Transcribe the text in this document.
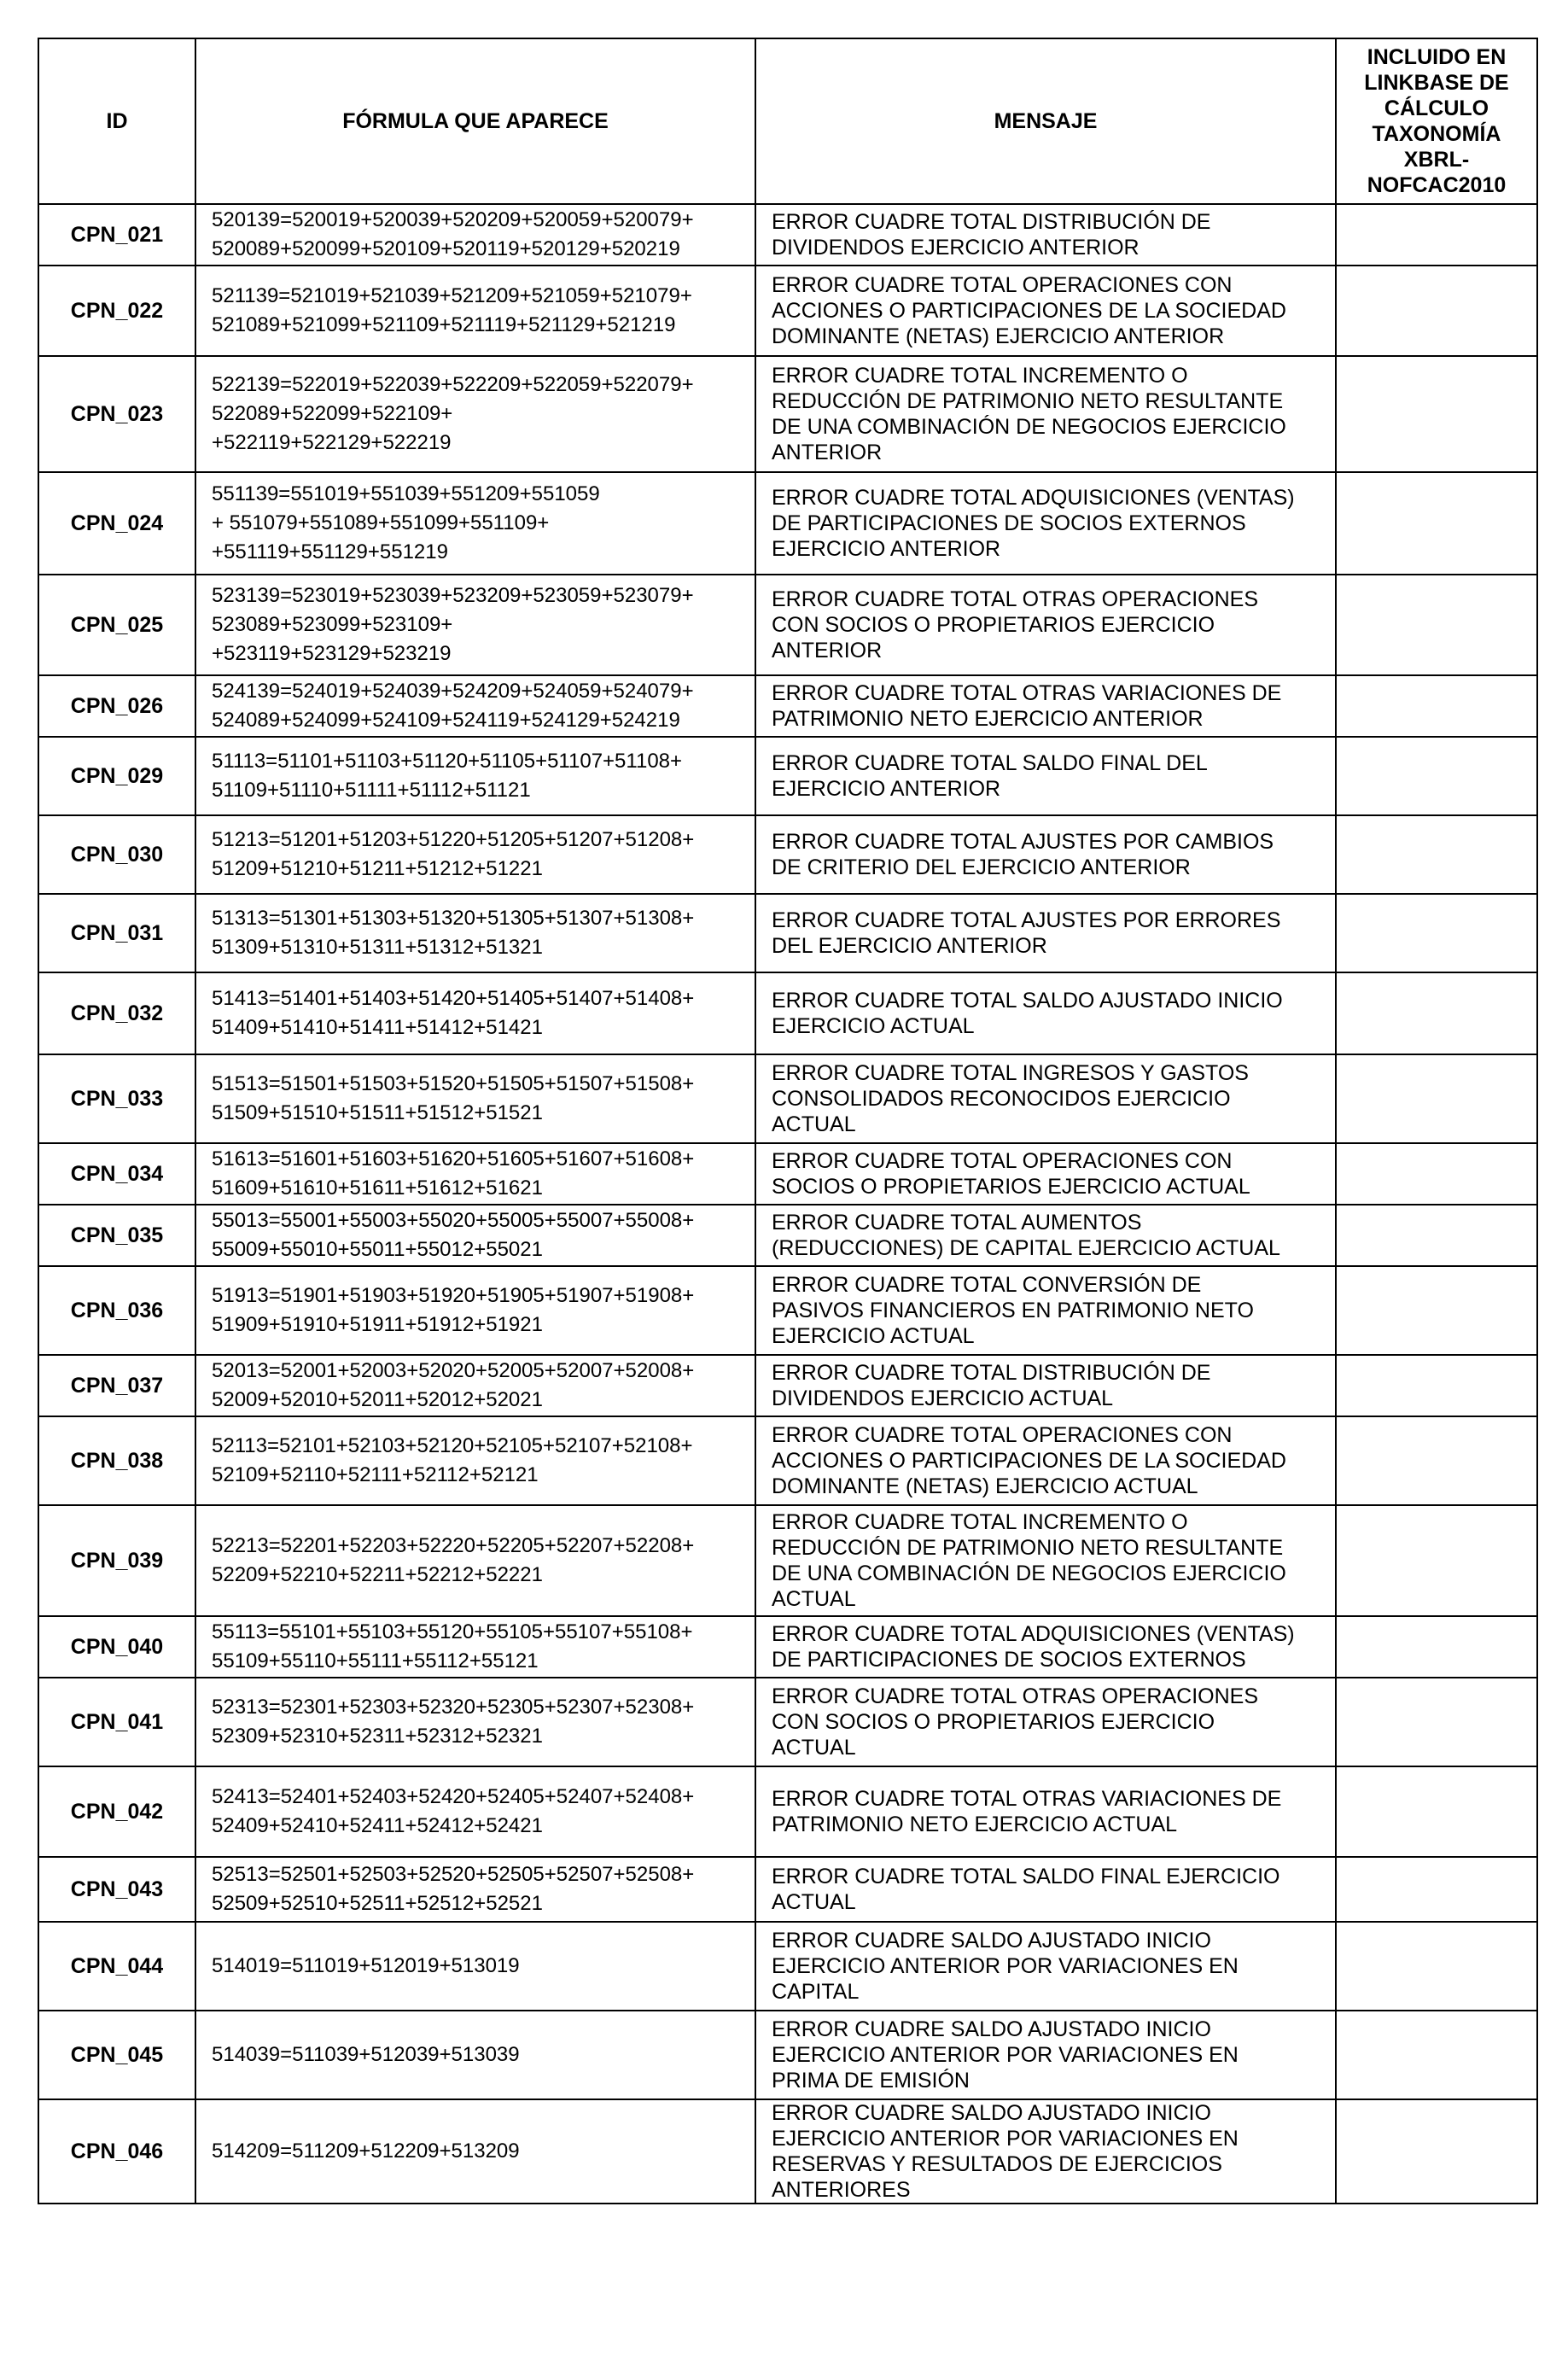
ID	FÓRMULA QUE APARECE	MENSAJE	INCLUIDO EN LINKBASE DE CÁLCULO TAXONOMÍA XBRL-NOFCAC2010
CPN_021	520139=520019+520039+520209+520059+520079+
520089+520099+520109+520119+520129+520219	ERROR CUADRE TOTAL DISTRIBUCIÓN DE
DIVIDENDOS EJERCICIO ANTERIOR	

CPN_022	521139=521019+521039+521209+521059+521079+
521089+521099+521109+521119+521129+521219	ERROR CUADRE TOTAL OPERACIONES CON
ACCIONES O PARTICIPACIONES DE LA SOCIEDAD
DOMINANTE (NETAS) EJERCICIO ANTERIOR	

CPN_023	522139=522019+522039+522209+522059+522079+
522089+522099+522109+
+522119+522129+522219	ERROR CUADRE TOTAL INCREMENTO O
REDUCCIÓN DE PATRIMONIO NETO RESULTANTE
DE UNA COMBINACIÓN DE NEGOCIOS EJERCICIO
ANTERIOR	

CPN_024	551139=551019+551039+551209+551059
+ 551079+551089+551099+551109+
+551119+551129+551219	ERROR CUADRE TOTAL ADQUISICIONES (VENTAS)
DE PARTICIPACIONES DE SOCIOS EXTERNOS
EJERCICIO ANTERIOR	

CPN_025	523139=523019+523039+523209+523059+523079+
523089+523099+523109+
+523119+523129+523219	ERROR CUADRE TOTAL OTRAS OPERACIONES
CON SOCIOS O PROPIETARIOS EJERCICIO
ANTERIOR	

CPN_026	524139=524019+524039+524209+524059+524079+
524089+524099+524109+524119+524129+524219	ERROR CUADRE TOTAL OTRAS VARIACIONES DE
PATRIMONIO NETO EJERCICIO ANTERIOR	

CPN_029	51113=51101+51103+51120+51105+51107+51108+
51109+51110+51111+51112+51121	ERROR CUADRE TOTAL SALDO FINAL DEL
EJERCICIO ANTERIOR	

CPN_030	51213=51201+51203+51220+51205+51207+51208+
51209+51210+51211+51212+51221	ERROR CUADRE TOTAL AJUSTES POR CAMBIOS
DE CRITERIO DEL EJERCICIO ANTERIOR	

CPN_031	51313=51301+51303+51320+51305+51307+51308+
51309+51310+51311+51312+51321	ERROR CUADRE TOTAL AJUSTES POR ERRORES
DEL EJERCICIO ANTERIOR	

CPN_032	51413=51401+51403+51420+51405+51407+51408+
51409+51410+51411+51412+51421	ERROR CUADRE TOTAL SALDO AJUSTADO INICIO
EJERCICIO ACTUAL	

CPN_033	51513=51501+51503+51520+51505+51507+51508+
51509+51510+51511+51512+51521	ERROR CUADRE TOTAL INGRESOS Y GASTOS
CONSOLIDADOS RECONOCIDOS EJERCICIO
ACTUAL	

CPN_034	51613=51601+51603+51620+51605+51607+51608+
51609+51610+51611+51612+51621	ERROR CUADRE TOTAL OPERACIONES CON
SOCIOS O PROPIETARIOS EJERCICIO ACTUAL	

CPN_035	55013=55001+55003+55020+55005+55007+55008+
55009+55010+55011+55012+55021	ERROR CUADRE TOTAL AUMENTOS
(REDUCCIONES) DE CAPITAL EJERCICIO ACTUAL	

CPN_036	51913=51901+51903+51920+51905+51907+51908+
51909+51910+51911+51912+51921	ERROR CUADRE TOTAL CONVERSIÓN DE
PASIVOS FINANCIEROS EN PATRIMONIO NETO
EJERCICIO ACTUAL	

CPN_037	52013=52001+52003+52020+52005+52007+52008+
52009+52010+52011+52012+52021	ERROR CUADRE TOTAL DISTRIBUCIÓN DE
DIVIDENDOS EJERCICIO ACTUAL	

CPN_038	52113=52101+52103+52120+52105+52107+52108+
52109+52110+52111+52112+52121	ERROR CUADRE TOTAL OPERACIONES CON
ACCIONES O PARTICIPACIONES DE LA SOCIEDAD
DOMINANTE (NETAS) EJERCICIO ACTUAL	

CPN_039	52213=52201+52203+52220+52205+52207+52208+
52209+52210+52211+52212+52221	ERROR CUADRE TOTAL INCREMENTO O
REDUCCIÓN DE PATRIMONIO NETO RESULTANTE
DE UNA COMBINACIÓN DE NEGOCIOS EJERCICIO
ACTUAL	

CPN_040	55113=55101+55103+55120+55105+55107+55108+
55109+55110+55111+55112+55121	ERROR CUADRE TOTAL ADQUISICIONES (VENTAS)
DE PARTICIPACIONES DE SOCIOS EXTERNOS	

CPN_041	52313=52301+52303+52320+52305+52307+52308+
52309+52310+52311+52312+52321	ERROR CUADRE TOTAL OTRAS OPERACIONES
CON SOCIOS O PROPIETARIOS EJERCICIO
ACTUAL	

CPN_042	52413=52401+52403+52420+52405+52407+52408+
52409+52410+52411+52412+52421	ERROR CUADRE TOTAL OTRAS VARIACIONES DE
PATRIMONIO NETO EJERCICIO ACTUAL	

CPN_043	52513=52501+52503+52520+52505+52507+52508+
52509+52510+52511+52512+52521	ERROR CUADRE TOTAL SALDO FINAL EJERCICIO
ACTUAL	

CPN_044	514019=511019+512019+513019	ERROR CUADRE SALDO AJUSTADO INICIO
EJERCICIO ANTERIOR POR VARIACIONES EN
CAPITAL	

CPN_045	514039=511039+512039+513039	ERROR CUADRE SALDO AJUSTADO INICIO
EJERCICIO ANTERIOR POR VARIACIONES EN
PRIMA DE EMISIÓN	

CPN_046	514209=511209+512209+513209	ERROR CUADRE SALDO AJUSTADO INICIO
EJERCICIO ANTERIOR POR VARIACIONES EN
RESERVAS Y RESULTADOS DE EJERCICIOS
ANTERIORES	
